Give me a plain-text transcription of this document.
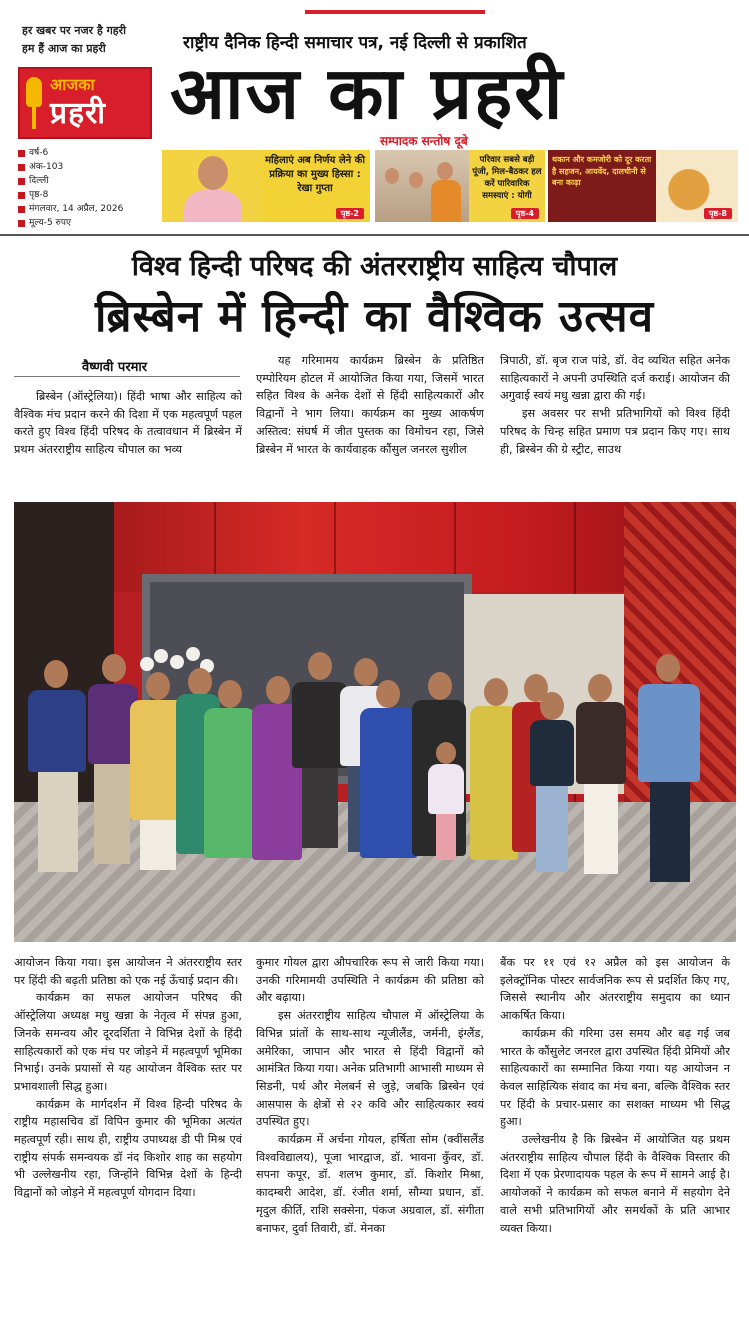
हर खबर पर नजर है गहरी
हम हैं आज का प्रहरी	राष्ट्रीय दैनिक हिन्दी समाचार पत्र, नई दिल्ली से प्रकाशित
आजका
प्रहरी आज का प्रहरी
सम्पादक सन्तोष दूबे
वर्ष-6
अंक-103
दिल्ली
पृष्ठ-8
मंगलवार, 14 अप्रैल, 2026
मूल्य-5 रुपए
महिलाएं अब निर्णय लेने की प्रक्रिया का मुख्य हिस्सा : रेखा गुप्ता
पृष्ठ-2
परिवार सबसे बड़ी पूंजी, मिल-बैठकर हल करें पारिवारिक समस्याएं : योगी
पृष्ठ-4
थकान और कमजोरी को दूर करता है सहजन, आयर्वेद, दालचीनी से बना काढ़ा
पृष्ठ-8
विश्व हिन्दी परिषद की अंतरराष्ट्रीय साहित्य चौपाल
ब्रिस्बेन में हिन्दी का वैश्विक उत्सव
वैष्णवी परमार

ब्रिस्बेन (ऑस्ट्रेलिया)। हिंदी भाषा और साहित्य को वैश्विक मंच प्रदान करने की दिशा में एक महत्वपूर्ण पहल करते हुए विश्व हिंदी परिषद के तत्वावधान में ब्रिस्बेन में प्रथम अंतरराष्ट्रीय साहित्य चौपाल का भव्य

यह गरिमामय कार्यक्रम ब्रिस्बेन के प्रतिष्ठित एम्पोरियम होटल में आयोजित किया गया, जिसमें भारत सहित विश्व के अनेक देशों से हिंदी साहित्यकारों और विद्वानों ने भाग लिया। कार्यक्रम का मुख्य आकर्षण अस्तित्व: संघर्ष में जीत पुस्तक का विमोचन रहा, जिसे ब्रिस्बेन में भारत के कार्यवाहक कौंसुल जनरल सुशील

त्रिपाठी, डॉ. बृज राज पांडे, डॉ. वेद व्यथित सहित अनेक साहित्यकारों ने अपनी उपस्थिति दर्ज कराई। आयोजन की अगुवाई स्वयं मधु खन्ना द्वारा की गई।

इस अवसर पर सभी प्रतिभागियों को विश्व हिंदी परिषद के चिन्ह सहित प्रमाण पत्र प्रदान किए गए। साथ ही, ब्रिस्बेन की ग्रे स्ट्रीट, साउथ

आयोजन किया गया। इस आयोजन ने अंतरराष्ट्रीय स्तर पर हिंदी की बढ़ती प्रतिष्ठा को एक नई ऊँचाई प्रदान की।

कार्यक्रम का सफल आयोजन परिषद की ऑस्ट्रेलिया अध्यक्ष मधु खन्ना के नेतृत्व में संपन्न हुआ, जिनके समन्वय और दूरदर्शिता ने विभिन्न देशों के हिंदी साहित्यकारों को एक मंच पर जोड़ने में महत्वपूर्ण भूमिका निभाई। उनके प्रयासों से यह आयोजन वैश्विक स्तर पर प्रभावशाली सिद्ध हुआ।

कार्यक्रम के मार्गदर्शन में विश्व हिन्दी परिषद के राष्ट्रीय महासचिव डॉ विपिन कुमार की भूमिका अत्यंत महत्वपूर्ण रही। साथ ही, राष्ट्रीय उपाध्यक्ष डी पी मिश्र एवं राष्ट्रीय संपर्क समन्वयक डॉ नंद किशोर शाह का सहयोग भी उल्लेखनीय रहा, जिन्होंने विभिन्न देशों के हिन्दी विद्वानों को जोड़ने में महत्वपूर्ण योगदान दिया।

कुमार गोयल द्वारा औपचारिक रूप से जारी किया गया। उनकी गरिमामयी उपस्थिति ने कार्यक्रम की प्रतिष्ठा को और बढ़ाया।

इस अंतरराष्ट्रीय साहित्य चौपाल में ऑस्ट्रेलिया के विभिन्न प्रांतों के साथ-साथ न्यूजीलैंड, जर्मनी, इंग्लैंड, अमेरिका, जापान और भारत से हिंदी विद्वानों को आमंत्रित किया गया। अनेक प्रतिभागी आभासी माध्यम से सिडनी, पर्थ और मेलबर्न से जुड़े, जबकि ब्रिस्बेन एवं आसपास के क्षेत्रों से २२ कवि और साहित्यकार स्वयं उपस्थित हुए।

कार्यक्रम में अर्चना गोयल, हर्षिता सोम (क्वींसलैंड विश्वविद्यालय), पूजा भारद्वाज, डॉ. भावना कुँवर, डॉ. सपना कपूर, डॉ. शलभ कुमार, डॉ. किशोर मिश्रा, कादम्बरी आदेश, डॉ. रंजीत शर्मा, सौम्या प्रधान, डॉ. मृदुल कीर्ति, राशि सक्सेना, पंकज अग्रवाल, डॉ. संगीता बनाफर, दुर्वा तिवारी, डॉ. मेनका

बैंक पर ११ एवं १२ अप्रैल को इस आयोजन के इलेक्ट्रॉनिक पोस्टर सार्वजनिक रूप से प्रदर्शित किए गए, जिससे स्थानीय और अंतरराष्ट्रीय समुदाय का ध्यान आकर्षित किया।

कार्यक्रम की गरिमा उस समय और बढ़ गई जब भारत के कौंसुलेट जनरल द्वारा उपस्थित हिंदी प्रेमियों और साहित्यकारों का सम्मानित किया गया। यह आयोजन न केवल साहित्यिक संवाद का मंच बना, बल्कि वैश्विक स्तर पर हिंदी के प्रचार-प्रसार का सशक्त माध्यम भी सिद्ध हुआ।

उल्लेखनीय है कि ब्रिस्बेन में आयोजित यह प्रथम अंतरराष्ट्रीय साहित्य चौपाल हिंदी के वैश्विक विस्तार की दिशा में एक प्रेरणादायक पहल के रूप में सामने आई है। आयोजकों ने कार्यक्रम को सफल बनाने में सहयोग देने वाले सभी प्रतिभागियों और समर्थकों के प्रति आभार व्यक्त किया।
